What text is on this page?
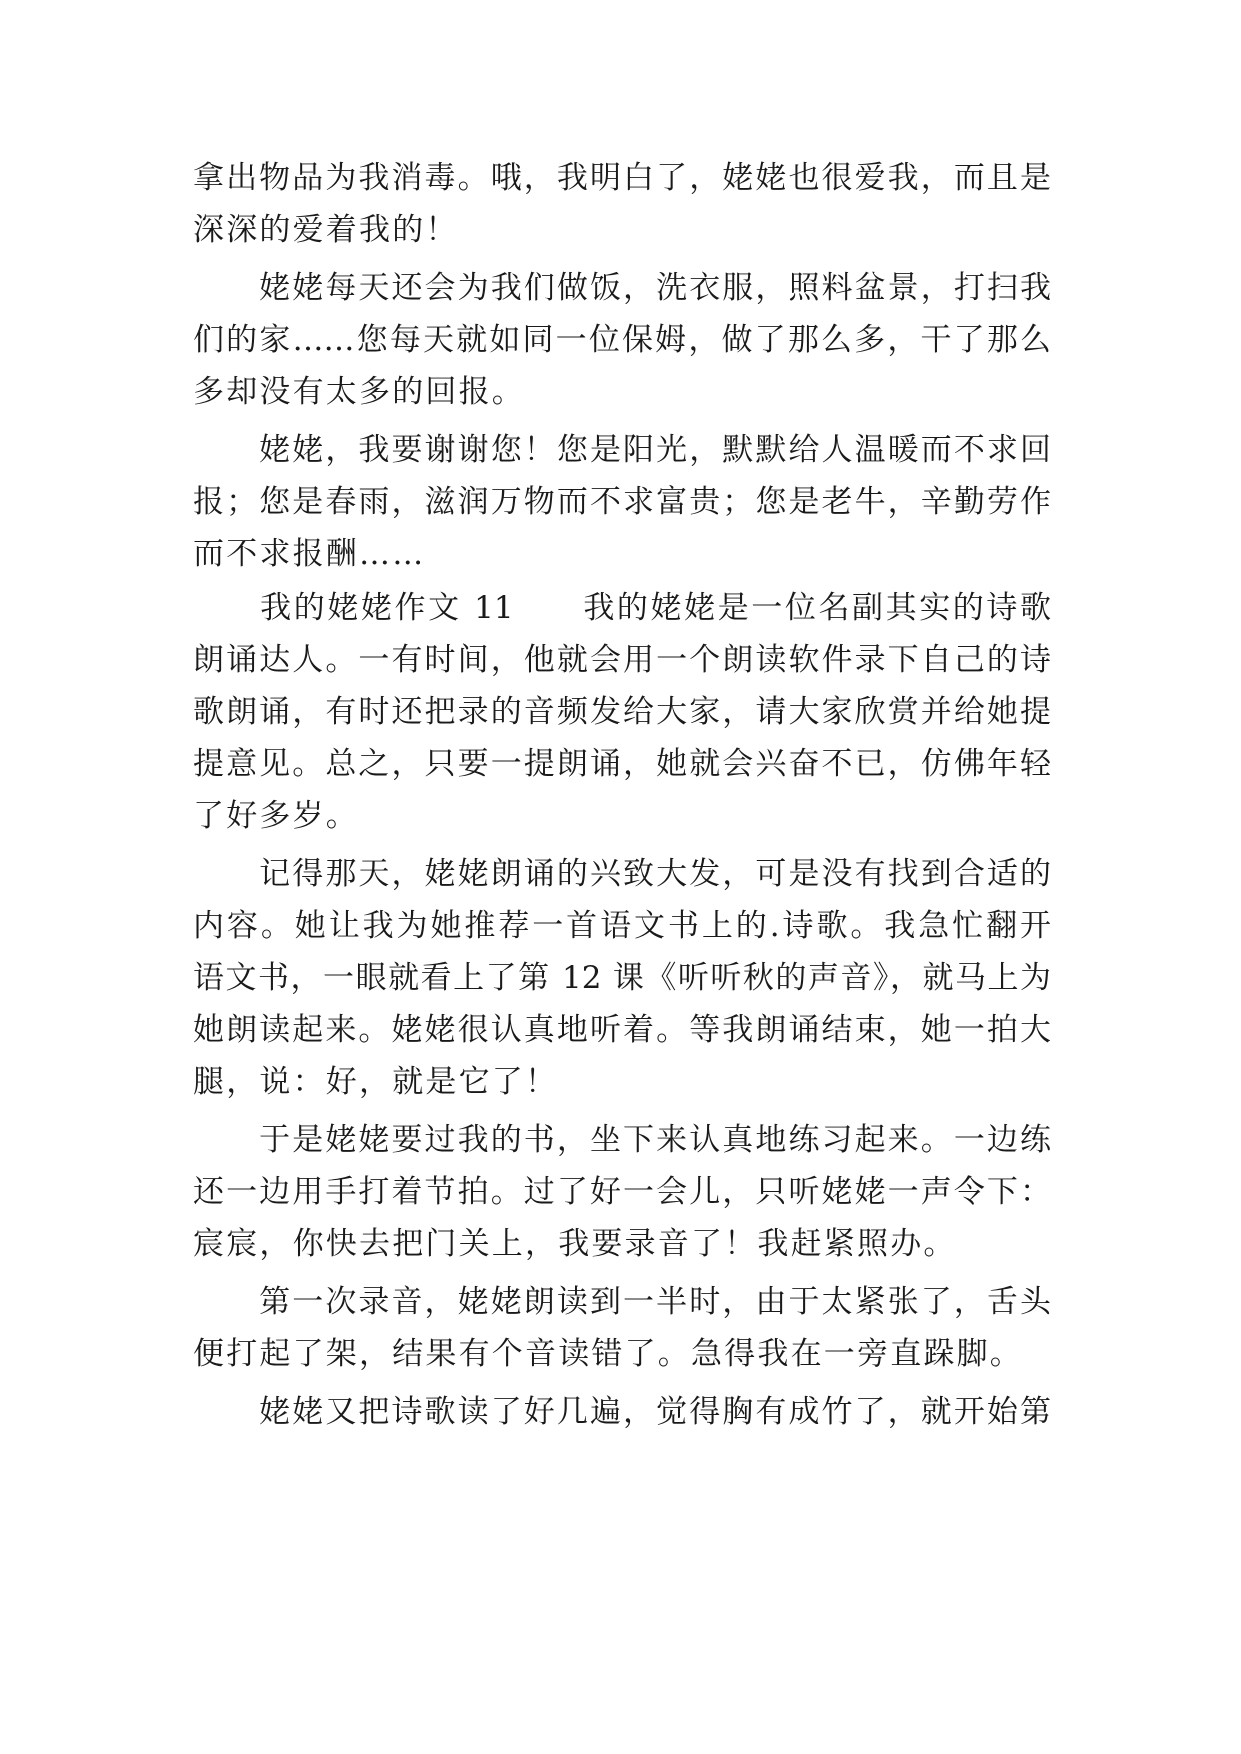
拿出物品为我消毒。哦，我明白了，姥姥也很爱我，而且是
深深的爱着我的！
　　姥姥每天还会为我们做饭，洗衣服，照料盆景，打扫我
们的家……您每天就如同一位保姆，做了那么多，干了那么
多却没有太多的回报。
　　姥姥，我要谢谢您！您是阳光，默默给人温暖而不求回
报；您是春雨，滋润万物而不求富贵；您是老牛，辛勤劳作
而不求报酬……
　　我的姥姥作文 11　　我的姥姥是一位名副其实的诗歌
朗诵达人。一有时间，他就会用一个朗读软件录下自己的诗
歌朗诵，有时还把录的音频发给大家，请大家欣赏并给她提
提意见。总之，只要一提朗诵，她就会兴奋不已，仿佛年轻
了好多岁。
　　记得那天，姥姥朗诵的兴致大发，可是没有找到合适的
内容。她让我为她推荐一首语文书上的.诗歌。我急忙翻开
语文书，一眼就看上了第 12 课《听听秋的声音》，就马上为
她朗读起来。姥姥很认真地听着。等我朗诵结束，她一拍大
腿，说：好，就是它了！
　　于是姥姥要过我的书，坐下来认真地练习起来。一边练
还一边用手打着节拍。过了好一会儿，只听姥姥一声令下：
宸宸，你快去把门关上，我要录音了！我赶紧照办。
　　第一次录音，姥姥朗读到一半时，由于太紧张了，舌头
便打起了架，结果有个音读错了。急得我在一旁直跺脚。
　　姥姥又把诗歌读了好几遍，觉得胸有成竹了，就开始第
